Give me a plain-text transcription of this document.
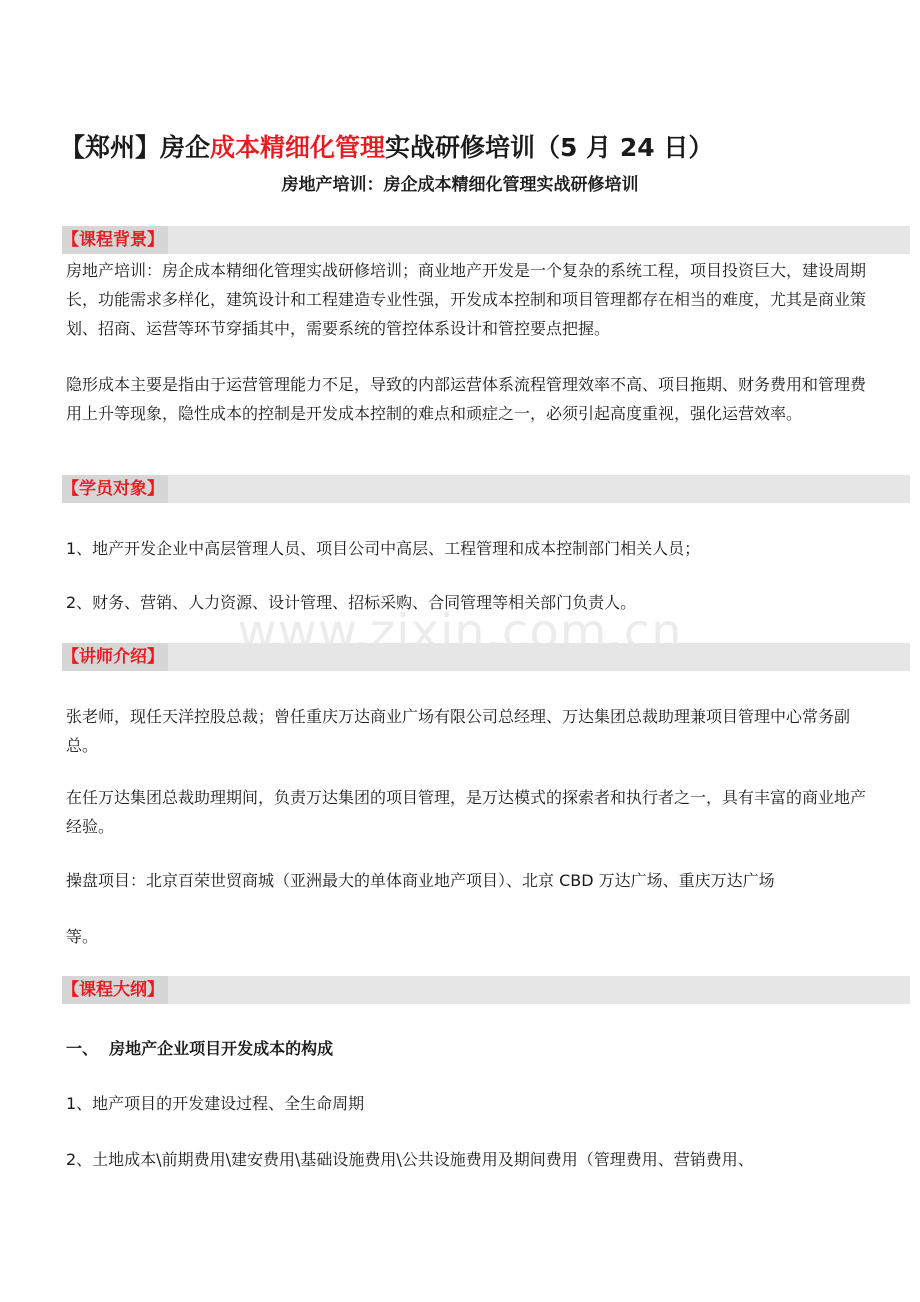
【郑州】房企成本精细化管理实战研修培训（5 月 24 日）
房地产培训：房企成本精细化管理实战研修培训
【课程背景】

房地产培训：房企成本精细化管理实战研修培训；商业地产开发是一个复杂的系统工程，项目投资巨大，建设周期长，功能需求多样化，建筑设计和工程建造专业性强，开发成本控制和项目管理都存在相当的难度，尤其是商业策划、招商、运营等环节穿插其中，需要系统的管控体系设计和管控要点把握。

隐形成本主要是指由于运营管理能力不足，导致的内部运营体系流程管理效率不高、项目拖期、财务费用和管理费用上升等现象，隐性成本的控制是开发成本控制的难点和顽症之一，必须引起高度重视，强化运营效率。

【学员对象】

1、地产开发企业中高层管理人员、项目公司中高层、工程管理和成本控制部门相关人员；

2、财务、营销、人力资源、设计管理、招标采购、合同管理等相关部门负责人。

www.zixin.com.cn
【讲师介绍】

张老师，现任天洋控股总裁；曾任重庆万达商业广场有限公司总经理、万达集团总裁助理兼项目管理中心常务副总。

在任万达集团总裁助理期间，负责万达集团的项目管理，是万达模式的探索者和执行者之一，具有丰富的商业地产经验。

操盘项目：北京百荣世贸商城（亚洲最大的单体商业地产项目）、北京 CBD 万达广场、重庆万达广场

等。

【课程大纲】

一、  房地产企业项目开发成本的构成

1、地产项目的开发建设过程、全生命周期

2、土地成本\前期费用\建安费用\基础设施费用\公共设施费用及期间费用（管理费用、营销费用、
